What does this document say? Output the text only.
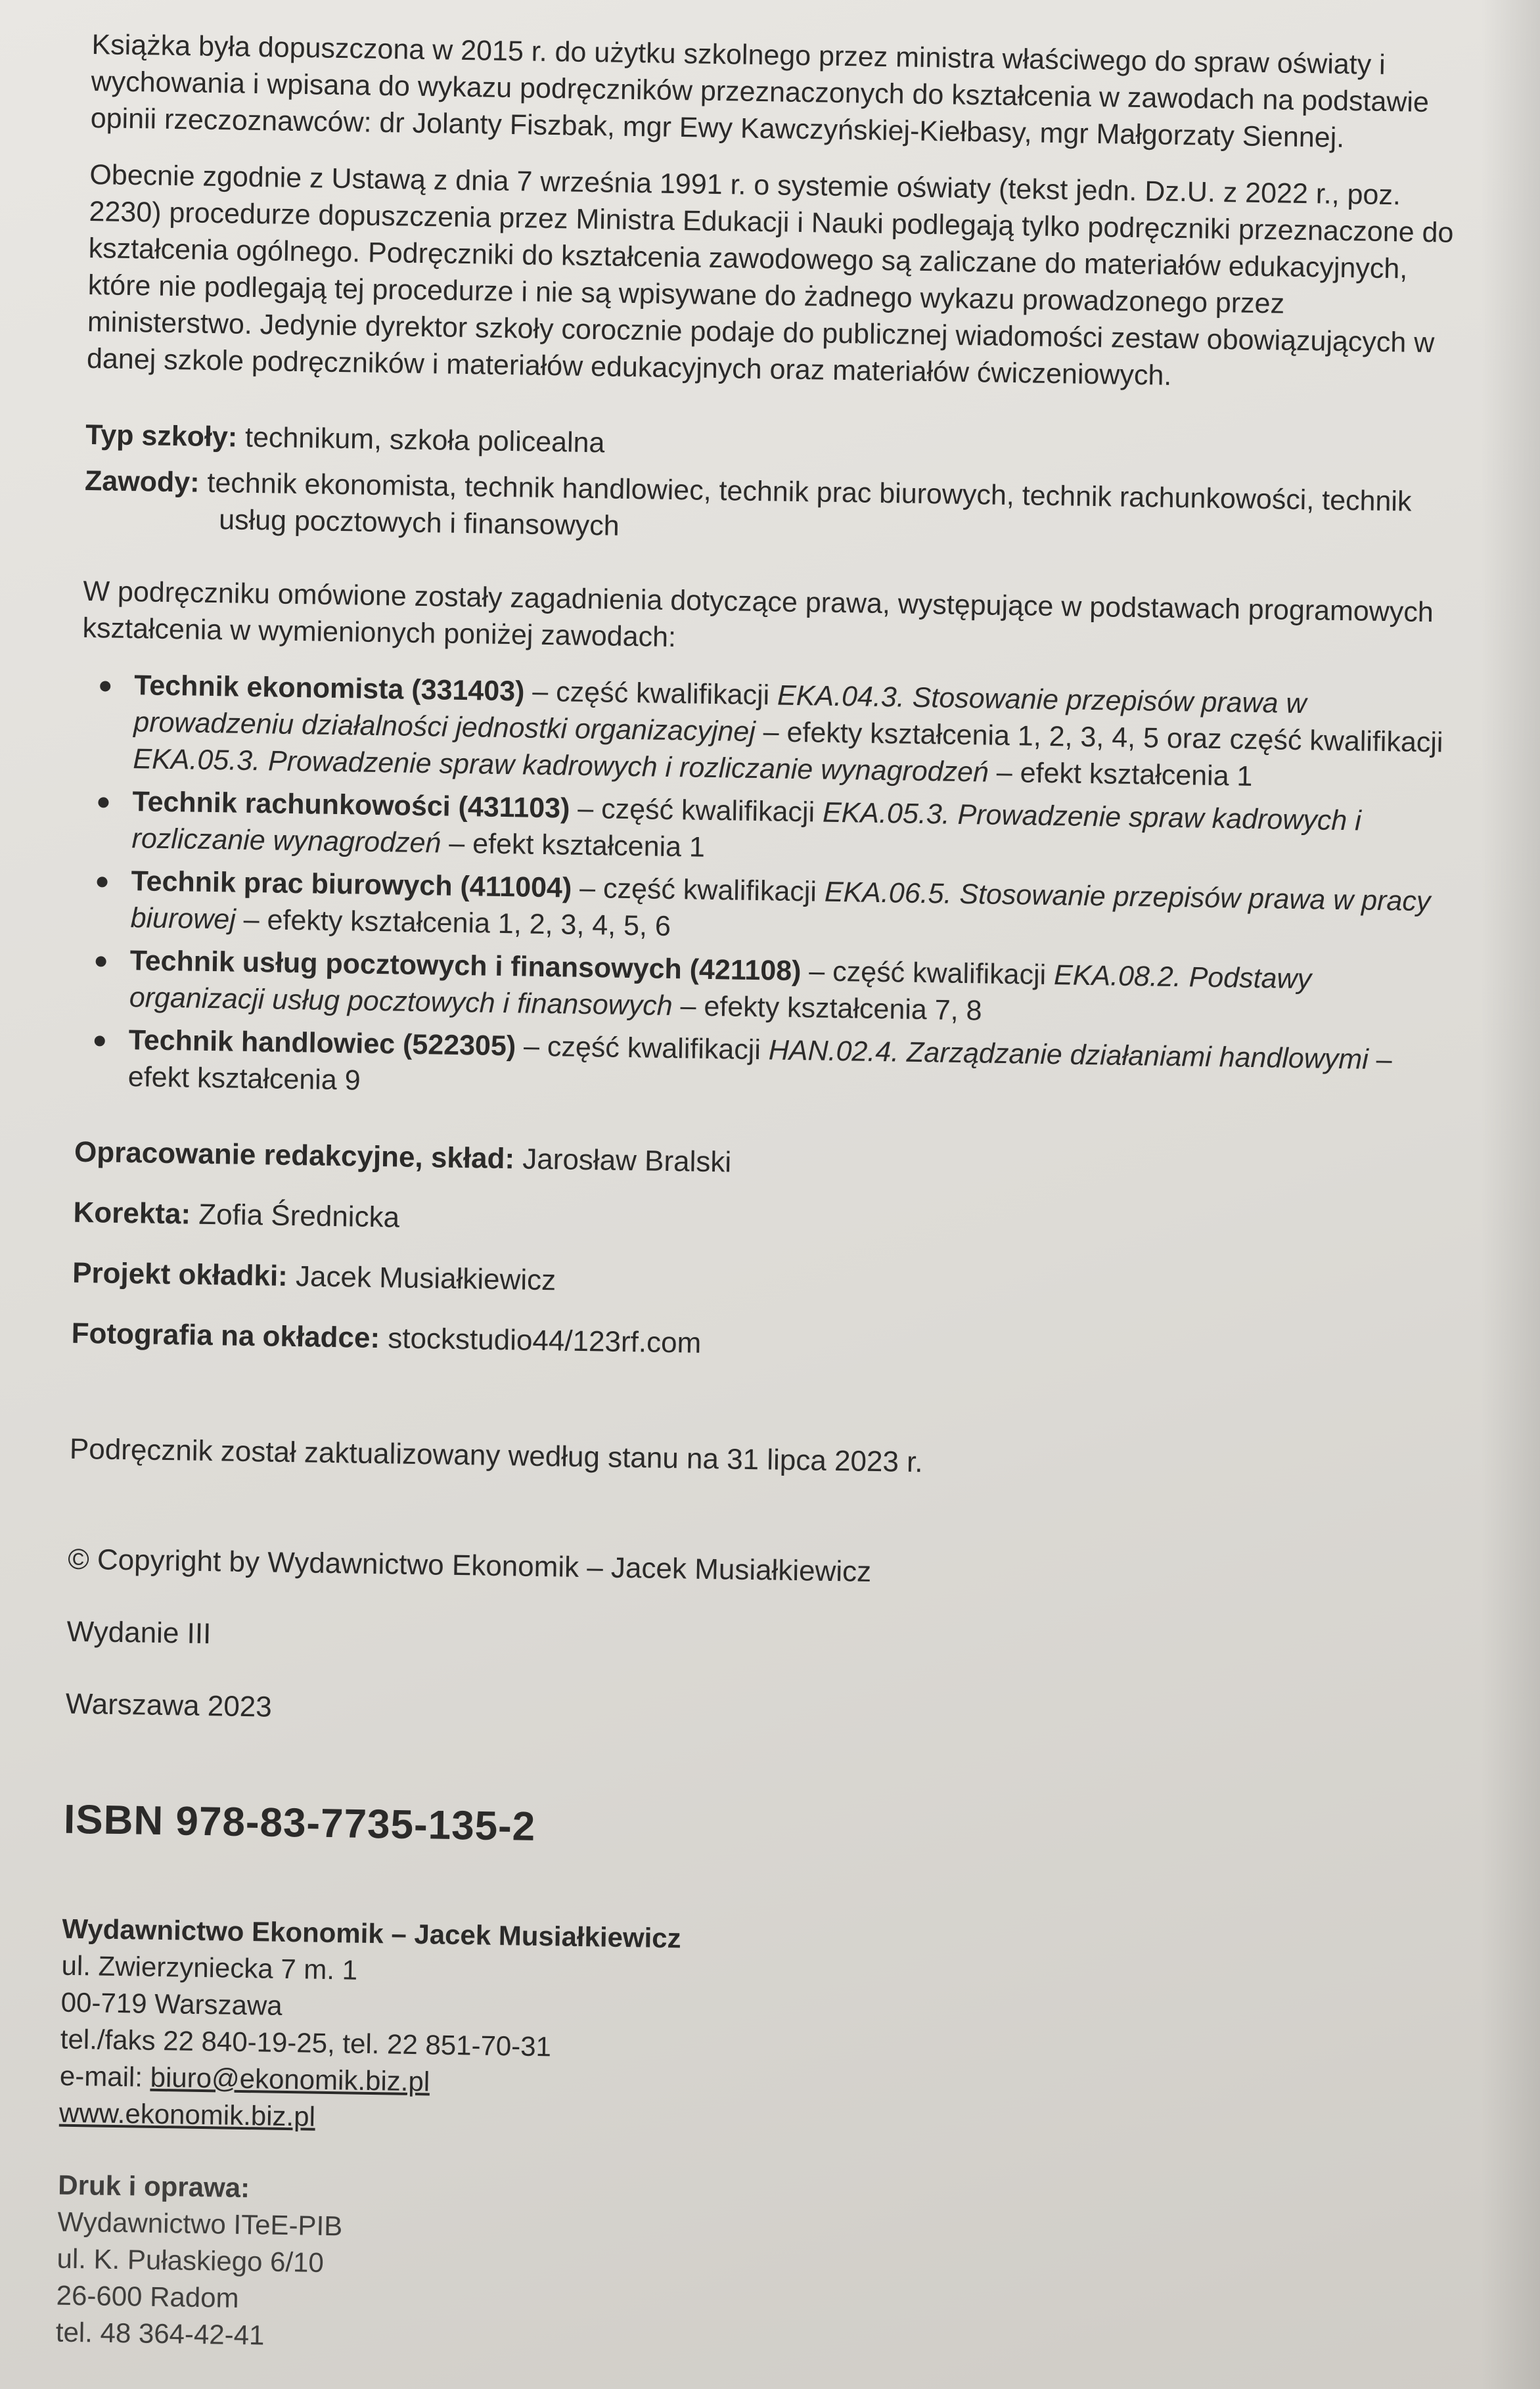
Książka była dopuszczona w 2015 r. do użytku szkolnego przez ministra właściwego do spraw oświaty i wychowania i wpisana do wykazu podręczników przeznaczonych do kształcenia w zawodach na podstawie opinii rzeczoznawców: dr Jolanty Fiszbak, mgr Ewy Kawczyńskiej-Kiełbasy, mgr Małgorzaty Siennej.

Obecnie zgodnie z Ustawą z dnia 7 września 1991 r. o systemie oświaty (tekst jedn. Dz.U. z 2022 r., poz. 2230) procedurze dopuszczenia przez Ministra Edukacji i Nauki podlegają tylko podręczniki przeznaczone do kształcenia ogólnego. Podręczniki do kształcenia zawodowego są zaliczane do materiałów edukacyjnych, które nie podlegają tej procedurze i nie są wpisywane do żadnego wykazu prowadzonego przez ministerstwo. Jedynie dyrektor szkoły corocznie podaje do publicznej wiadomości zestaw obowiązujących w danej szkole podręczników i materiałów edukacyjnych oraz materiałów ćwiczeniowych.

Typ szkoły: technikum, szkoła policealna

Zawody: technik ekonomista, technik handlowiec, technik prac biurowych, technik rachunkowości, technik usług pocztowych i finansowych

W podręczniku omówione zostały zagadnienia dotyczące prawa, występujące w podstawach programowych kształcenia w wymienionych poniżej zawodach:

Technik ekonomista (331403) – część kwalifikacji EKA.04.3. Stosowanie przepisów prawa w prowadzeniu działalności jednostki organizacyjnej – efekty kształcenia 1, 2, 3, 4, 5 oraz część kwalifikacji EKA.05.3. Prowadzenie spraw kadrowych i rozliczanie wynagrodzeń – efekt kształcenia 1
Technik rachunkowości (431103) – część kwalifikacji EKA.05.3. Prowadzenie spraw kadrowych i rozliczanie wynagrodzeń – efekt kształcenia 1
Technik prac biurowych (411004) – część kwalifikacji EKA.06.5. Stosowanie przepisów prawa w pracy biurowej – efekty kształcenia 1, 2, 3, 4, 5, 6
Technik usług pocztowych i finansowych (421108) – część kwalifikacji EKA.08.2. Podstawy organizacji usług pocztowych i finansowych – efekty kształcenia 7, 8
Technik handlowiec (522305) – część kwalifikacji HAN.02.4. Zarządzanie działaniami handlowymi – efekt kształcenia 9

Opracowanie redakcyjne, skład: Jarosław Bralski

Korekta: Zofia Średnicka

Projekt okładki: Jacek Musiałkiewicz

Fotografia na okładce: stockstudio44/123rf.com

Podręcznik został zaktualizowany według stanu na 31 lipca 2023 r.

© Copyright by Wydawnictwo Ekonomik – Jacek Musiałkiewicz

Wydanie III

Warszawa 2023

ISBN 978-83-7735-135-2

Wydawnictwo Ekonomik – Jacek Musiałkiewicz

ul. Zwierzyniecka 7 m. 1

00-719 Warszawa

tel./faks 22 840-19-25, tel. 22 851-70-31

e-mail: biuro@ekonomik.biz.pl

www.ekonomik.biz.pl

Druk i oprawa:

Wydawnictwo ITeE-PIB

ul. K. Pułaskiego 6/10

26-600 Radom

tel. 48 364-42-41
